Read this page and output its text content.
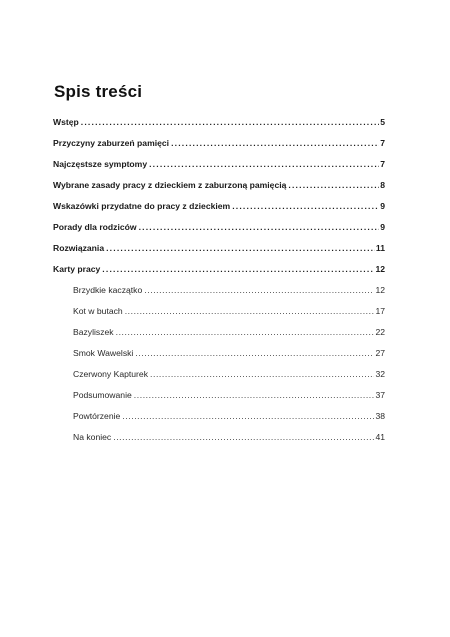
Spis treści
Wstęp . . .	5
Przyczyny zaburzeń pamięci . . .	7
Najczęstsze symptomy . . .	7
Wybrane zasady pracy z dzieckiem z zaburzoną pamięcią . . .	8
Wskazówki przydatne do pracy z dzieckiem . . .	9
Porady dla rodziców . . .	9
Rozwiązania . . .	11
Karty pracy . . .	12
Brzydkie kaczątko . . .	12
Kot w butach . . .	17
Bazyliszek . . .	22
Smok Wawelski . . .	27
Czerwony Kapturek . . .	32
Podsumowanie . . .	37
Powtórzenie . . .	38
Na koniec . . .	41
